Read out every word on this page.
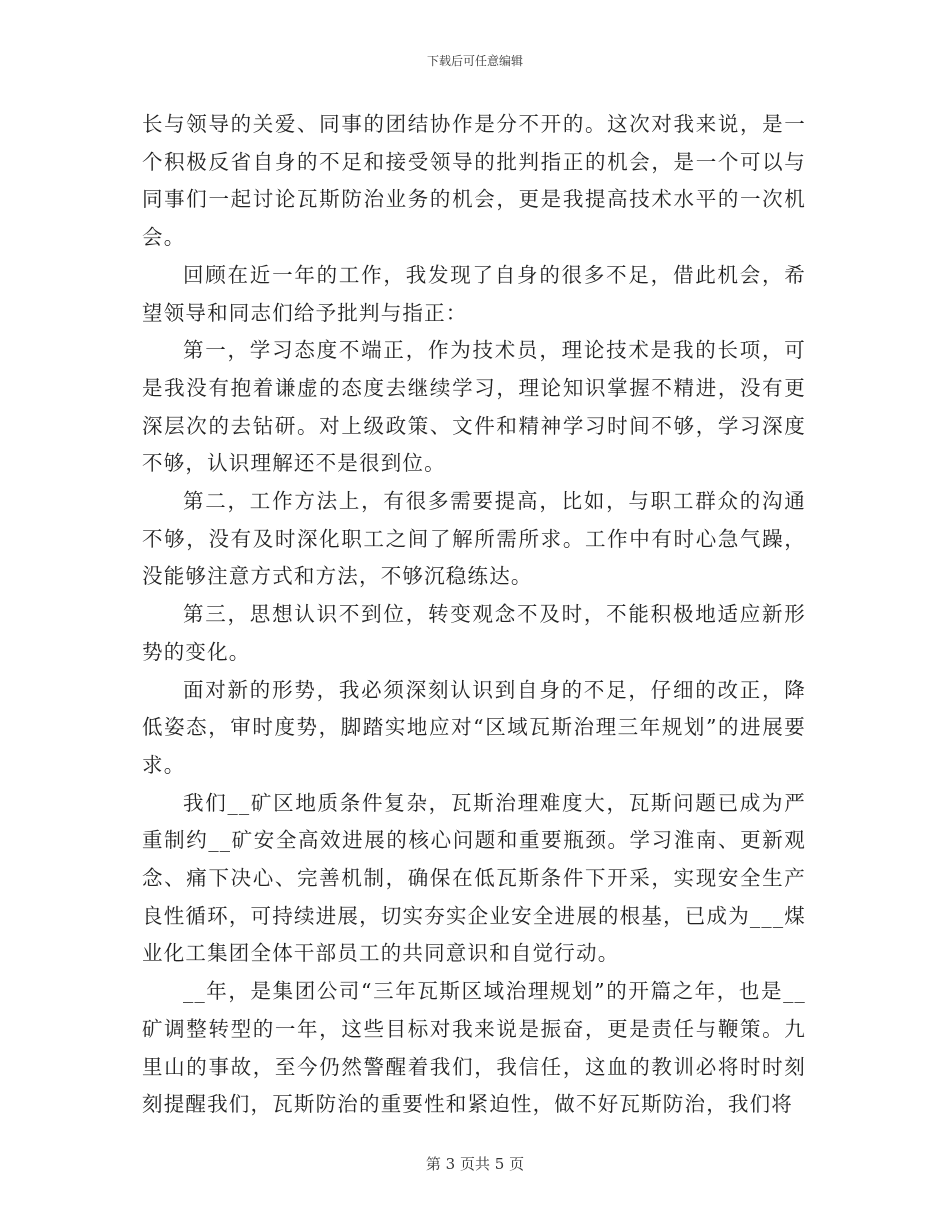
下载后可任意编辑

长与领导的关爱、同事的团结协作是分不开的。这次对我来说，是一个积极反省自身的不足和接受领导的批判指正的机会，是一个可以与同事们一起讨论瓦斯防治业务的机会，更是我提高技术水平的一次机会。

回顾在近一年的工作，我发现了自身的很多不足，借此机会，希望领导和同志们给予批判与指正：

第一，学习态度不端正，作为技术员，理论技术是我的长项，可是我没有抱着谦虚的态度去继续学习，理论知识掌握不精进，没有更深层次的去钻研。对上级政策、文件和精神学习时间不够，学习深度不够，认识理解还不是很到位。

第二，工作方法上，有很多需要提高，比如，与职工群众的沟通不够，没有及时深化职工之间了解所需所求。工作中有时心急气躁，没能够注意方式和方法，不够沉稳练达。

第三，思想认识不到位，转变观念不及时，不能积极地适应新形势的变化。

面对新的形势，我必须深刻认识到自身的不足，仔细的改正，降低姿态，审时度势，脚踏实地应对“区域瓦斯治理三年规划”的进展要求。

我们__矿区地质条件复杂，瓦斯治理难度大，瓦斯问题已成为严重制约__矿安全高效进展的核心问题和重要瓶颈。学习淮南、更新观念、痛下决心、完善机制，确保在低瓦斯条件下开采，实现安全生产良性循环，可持续进展，切实夯实企业安全进展的根基，已成为___煤业化工集团全体干部员工的共同意识和自觉行动。

__年，是集团公司“三年瓦斯区域治理规划”的开篇之年，也是__矿调整转型的一年，这些目标对我来说是振奋，更是责任与鞭策。九里山的事故，至今仍然警醒着我们，我信任，这血的教训必将时时刻刻提醒我们，瓦斯防治的重要性和紧迫性，做不好瓦斯防治，我们将

第 3 页共 5 页
